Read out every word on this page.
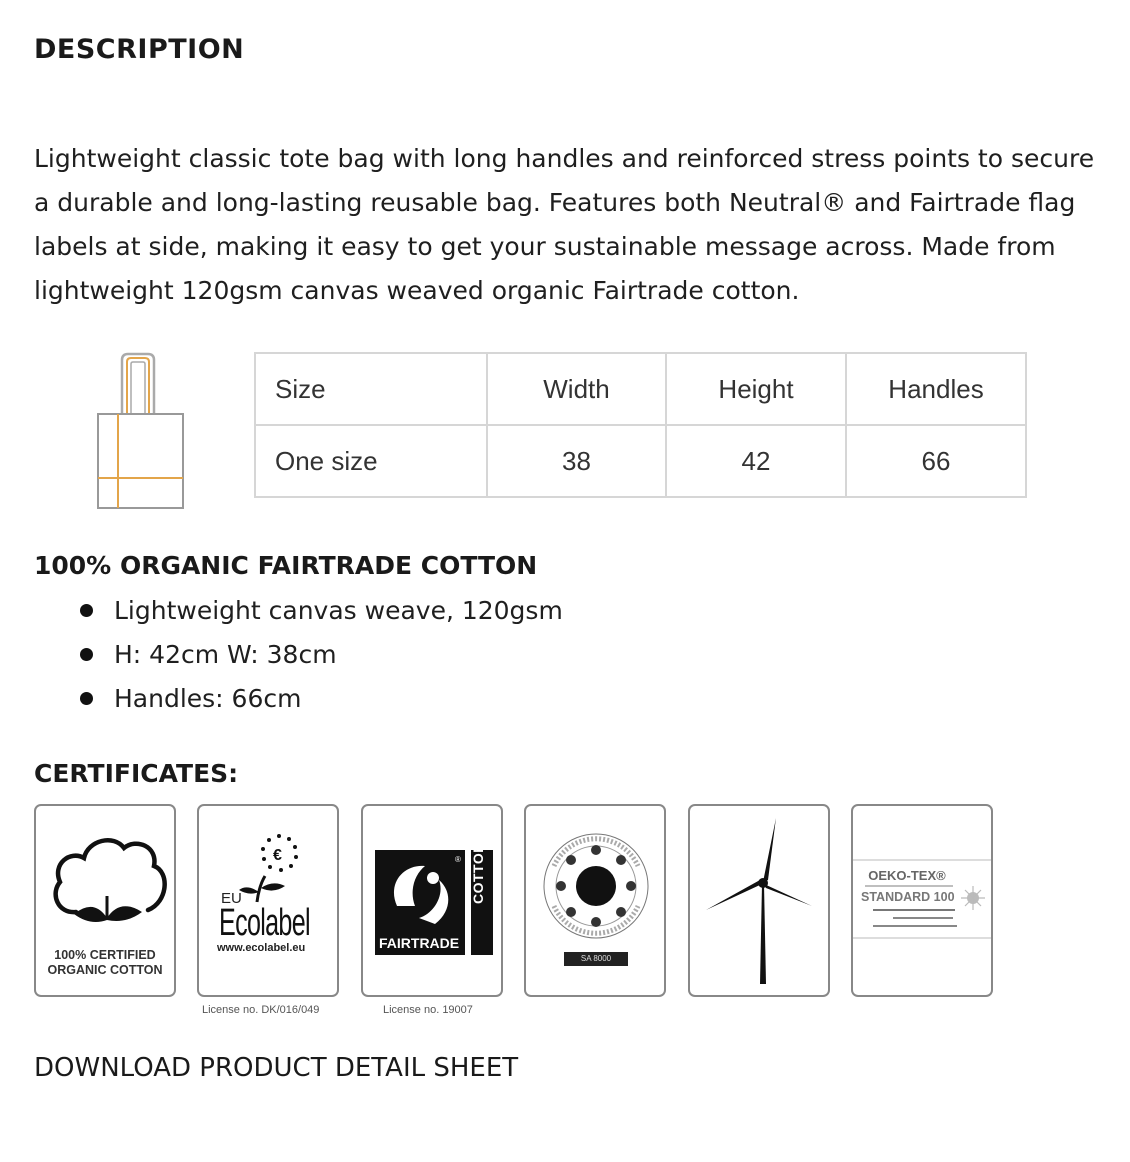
DESCRIPTION

Lightweight classic tote bag with long handles and reinforced stress points to secure a durable and long-lasting reusable bag. Features both Neutral® and Fairtrade flag labels at side, making it easy to get your sustainable message across. Made from lightweight 120gsm canvas weaved organic Fairtrade cotton.

Size	Width	Height	Handles
One size	38	42	66
100% ORGANIC FAIRTRADE COTTON
Lightweight canvas weave, 120gsm
H: 42cm W: 38cm
Handles: 66cm
CERTIFICATES:
100% CERTIFIED
ORGANIC COTTON
€
EU
Ecolabel
www.ecolabel.eu
®
FAIRTRADE
COTTON
SA 8000
OEKO-TEX®
STANDARD 100
License no. DK/016/049	License no. 19007
DOWNLOAD PRODUCT DETAIL SHEET
